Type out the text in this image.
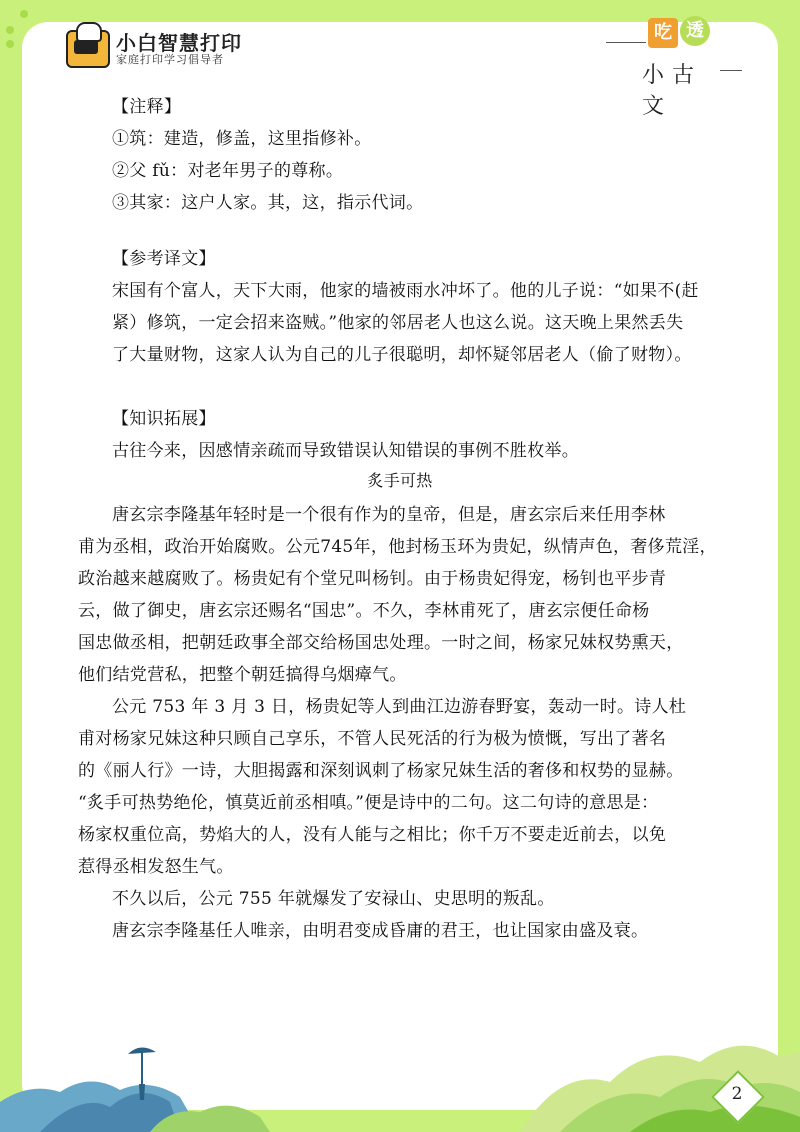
小白智慧打印
家庭打印学习倡导者
吃 透
小古文
【注释】
①筑：建造，修盖，这里指修补。
②父 fǔ：对老年男子的尊称。
③其家：这户人家。其，这，指示代词。
【参考译文】
宋国有个富人，天下大雨，他家的墙被雨水冲坏了。他的儿子说：“如果不(赶
紧）修筑，一定会招来盗贼。”他家的邻居老人也这么说。这天晚上果然丢失
了大量财物，这家人认为自己的儿子很聪明，却怀疑邻居老人（偷了财物）。
【知识拓展】
古往今来，因感情亲疏而导致错误认知错误的事例不胜枚举。
炙手可热
唐玄宗李隆基年轻时是一个很有作为的皇帝，但是，唐玄宗后来任用李林
甫为丞相，政治开始腐败。公元745年，他封杨玉环为贵妃，纵情声色，奢侈荒淫，
政治越来越腐败了。杨贵妃有个堂兄叫杨钊。由于杨贵妃得宠，杨钊也平步青
云，做了御史，唐玄宗还赐名“国忠”。不久，李林甫死了，唐玄宗便任命杨
国忠做丞相，把朝廷政事全部交给杨国忠处理。一时之间，杨家兄妹权势熏天，
他们结党营私，把整个朝廷搞得乌烟瘴气。
公元 753 年 3 月 3 日，杨贵妃等人到曲江边游春野宴，轰动一时。诗人杜
甫对杨家兄妹这种只顾自己享乐，不管人民死活的行为极为愤慨，写出了著名
的《丽人行》一诗，大胆揭露和深刻讽刺了杨家兄妹生活的奢侈和权势的显赫。
“炙手可热势绝伦，慎莫近前丞相嗔。”便是诗中的二句。这二句诗的意思是：
杨家权重位高，势焰大的人，没有人能与之相比；你千万不要走近前去，以免
惹得丞相发怒生气。
不久以后，公元 755 年就爆发了安禄山、史思明的叛乱。
唐玄宗李隆基任人唯亲，由明君变成昏庸的君王，也让国家由盛及衰。
2
